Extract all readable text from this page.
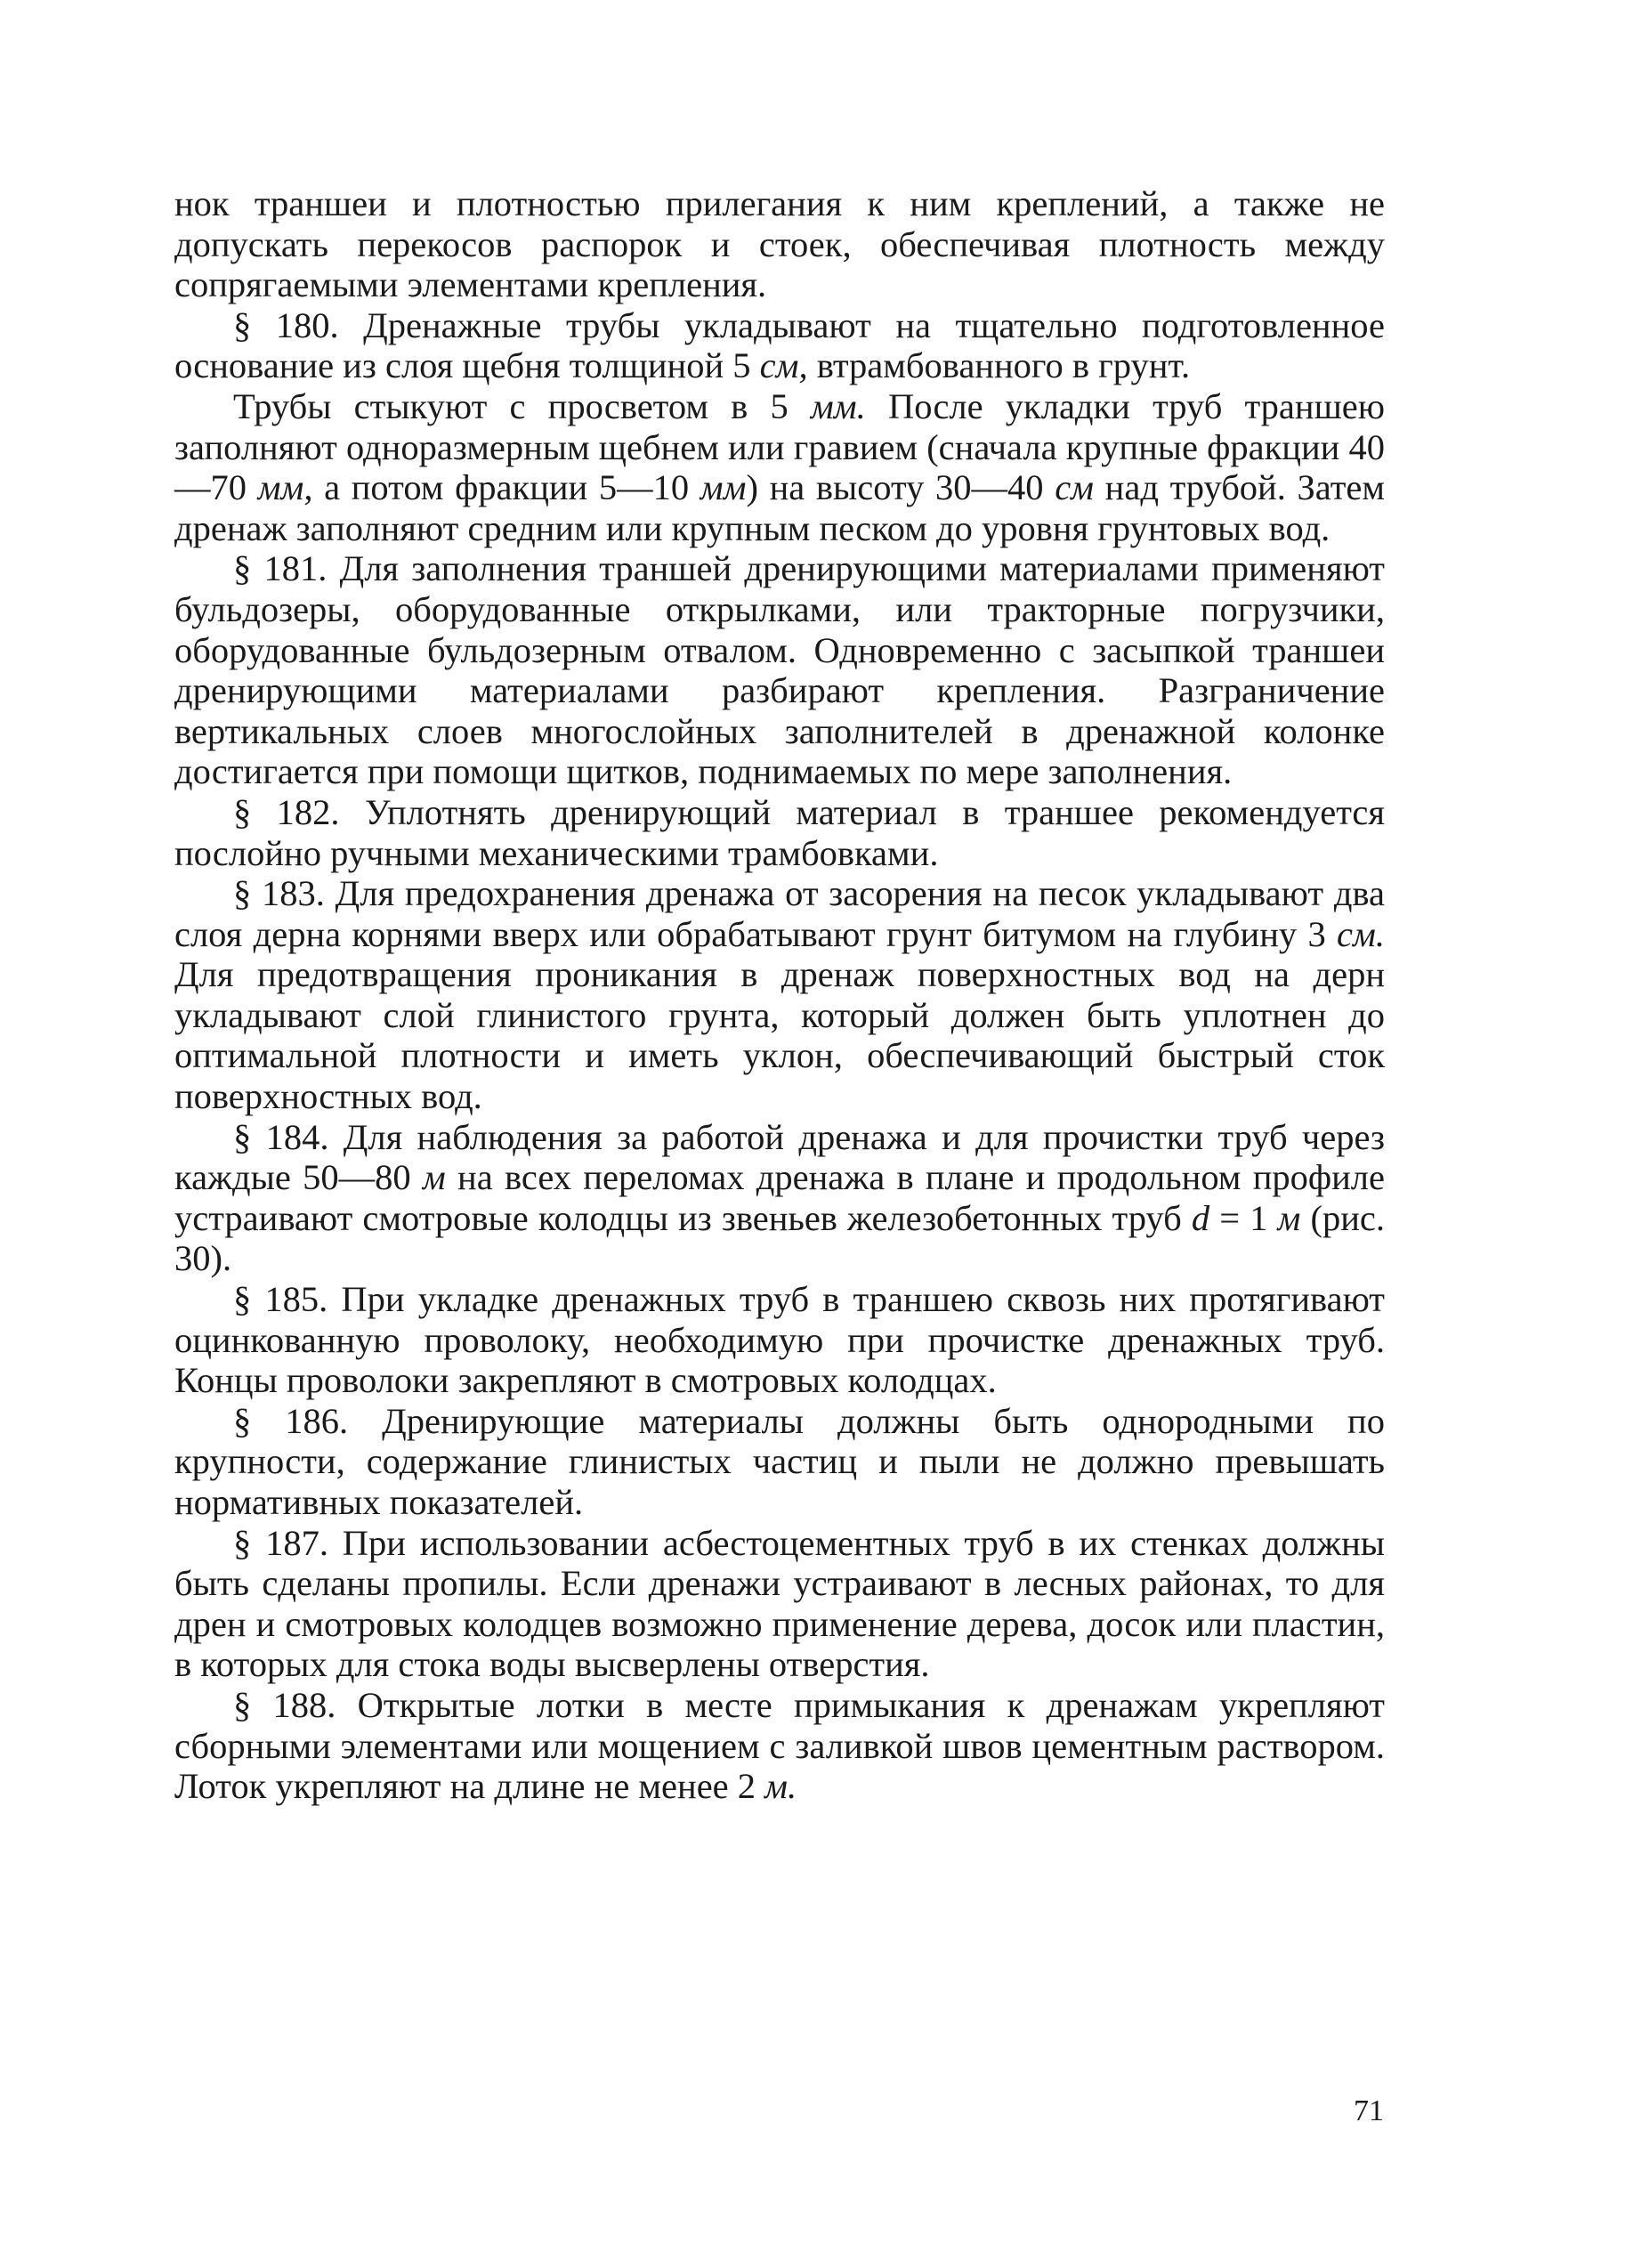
нок траншеи и плотностью прилегания к ним креплений, а также не допускать перекосов распорок и стоек, обеспечивая плотность между сопрягаемыми элементами крепления.

§ 180. Дренажные трубы укладывают на тщательно подготовленное основание из слоя щебня толщиной 5 см, втрамбованного в грунт.

Трубы стыкуют с просветом в 5 мм. После укладки труб траншею заполняют одноразмерным щебнем или гравием (сначала крупные фракции 40—70 мм, а потом фракции 5—10 мм) на высоту 30—40 см над трубой. Затем дренаж заполняют средним или крупным песком до уровня грунтовых вод.

§ 181. Для заполнения траншей дренирующими материалами применяют бульдозеры, оборудованные открылками, или тракторные погрузчики, оборудованные бульдозерным отвалом. Одновременно с засыпкой траншеи дренирующими материалами разбирают крепления. Разграничение вертикальных слоев многослойных заполнителей в дренажной колонке достигается при помощи щитков, поднимаемых по мере заполнения.

§ 182. Уплотнять дренирующий материал в траншее рекомендуется послойно ручными механическими трамбовками.

§ 183. Для предохранения дренажа от засорения на песок укладывают два слоя дерна корнями вверх или обрабатывают грунт битумом на глубину 3 см. Для предотвращения проникания в дренаж поверхностных вод на дерн укладывают слой глинистого грунта, который должен быть уплотнен до оптимальной плотности и иметь уклон, обеспечивающий быстрый сток поверхностных вод.

§ 184. Для наблюдения за работой дренажа и для прочистки труб через каждые 50—80 м на всех переломах дренажа в плане и продольном профиле устраивают смотровые колодцы из звеньев железобетонных труб d = 1 м (рис. 30).

§ 185. При укладке дренажных труб в траншею сквозь них протягивают оцинкованную проволоку, необходимую при прочистке дренажных труб. Концы проволоки закрепляют в смотровых колодцах.

§ 186. Дренирующие материалы должны быть однородными по крупности, содержание глинистых частиц и пыли не должно превышать нормативных показателей.

§ 187. При использовании асбестоцементных труб в их стенках должны быть сделаны пропилы. Если дренажи устраивают в лесных районах, то для дрен и смотровых колодцев возможно применение дерева, досок или пластин, в которых для стока воды высверлены отверстия.

§ 188. Открытые лотки в месте примыкания к дренажам укрепляют сборными элементами или мощением с заливкой швов цементным раствором. Лоток укрепляют на длине не менее 2 м.

71
